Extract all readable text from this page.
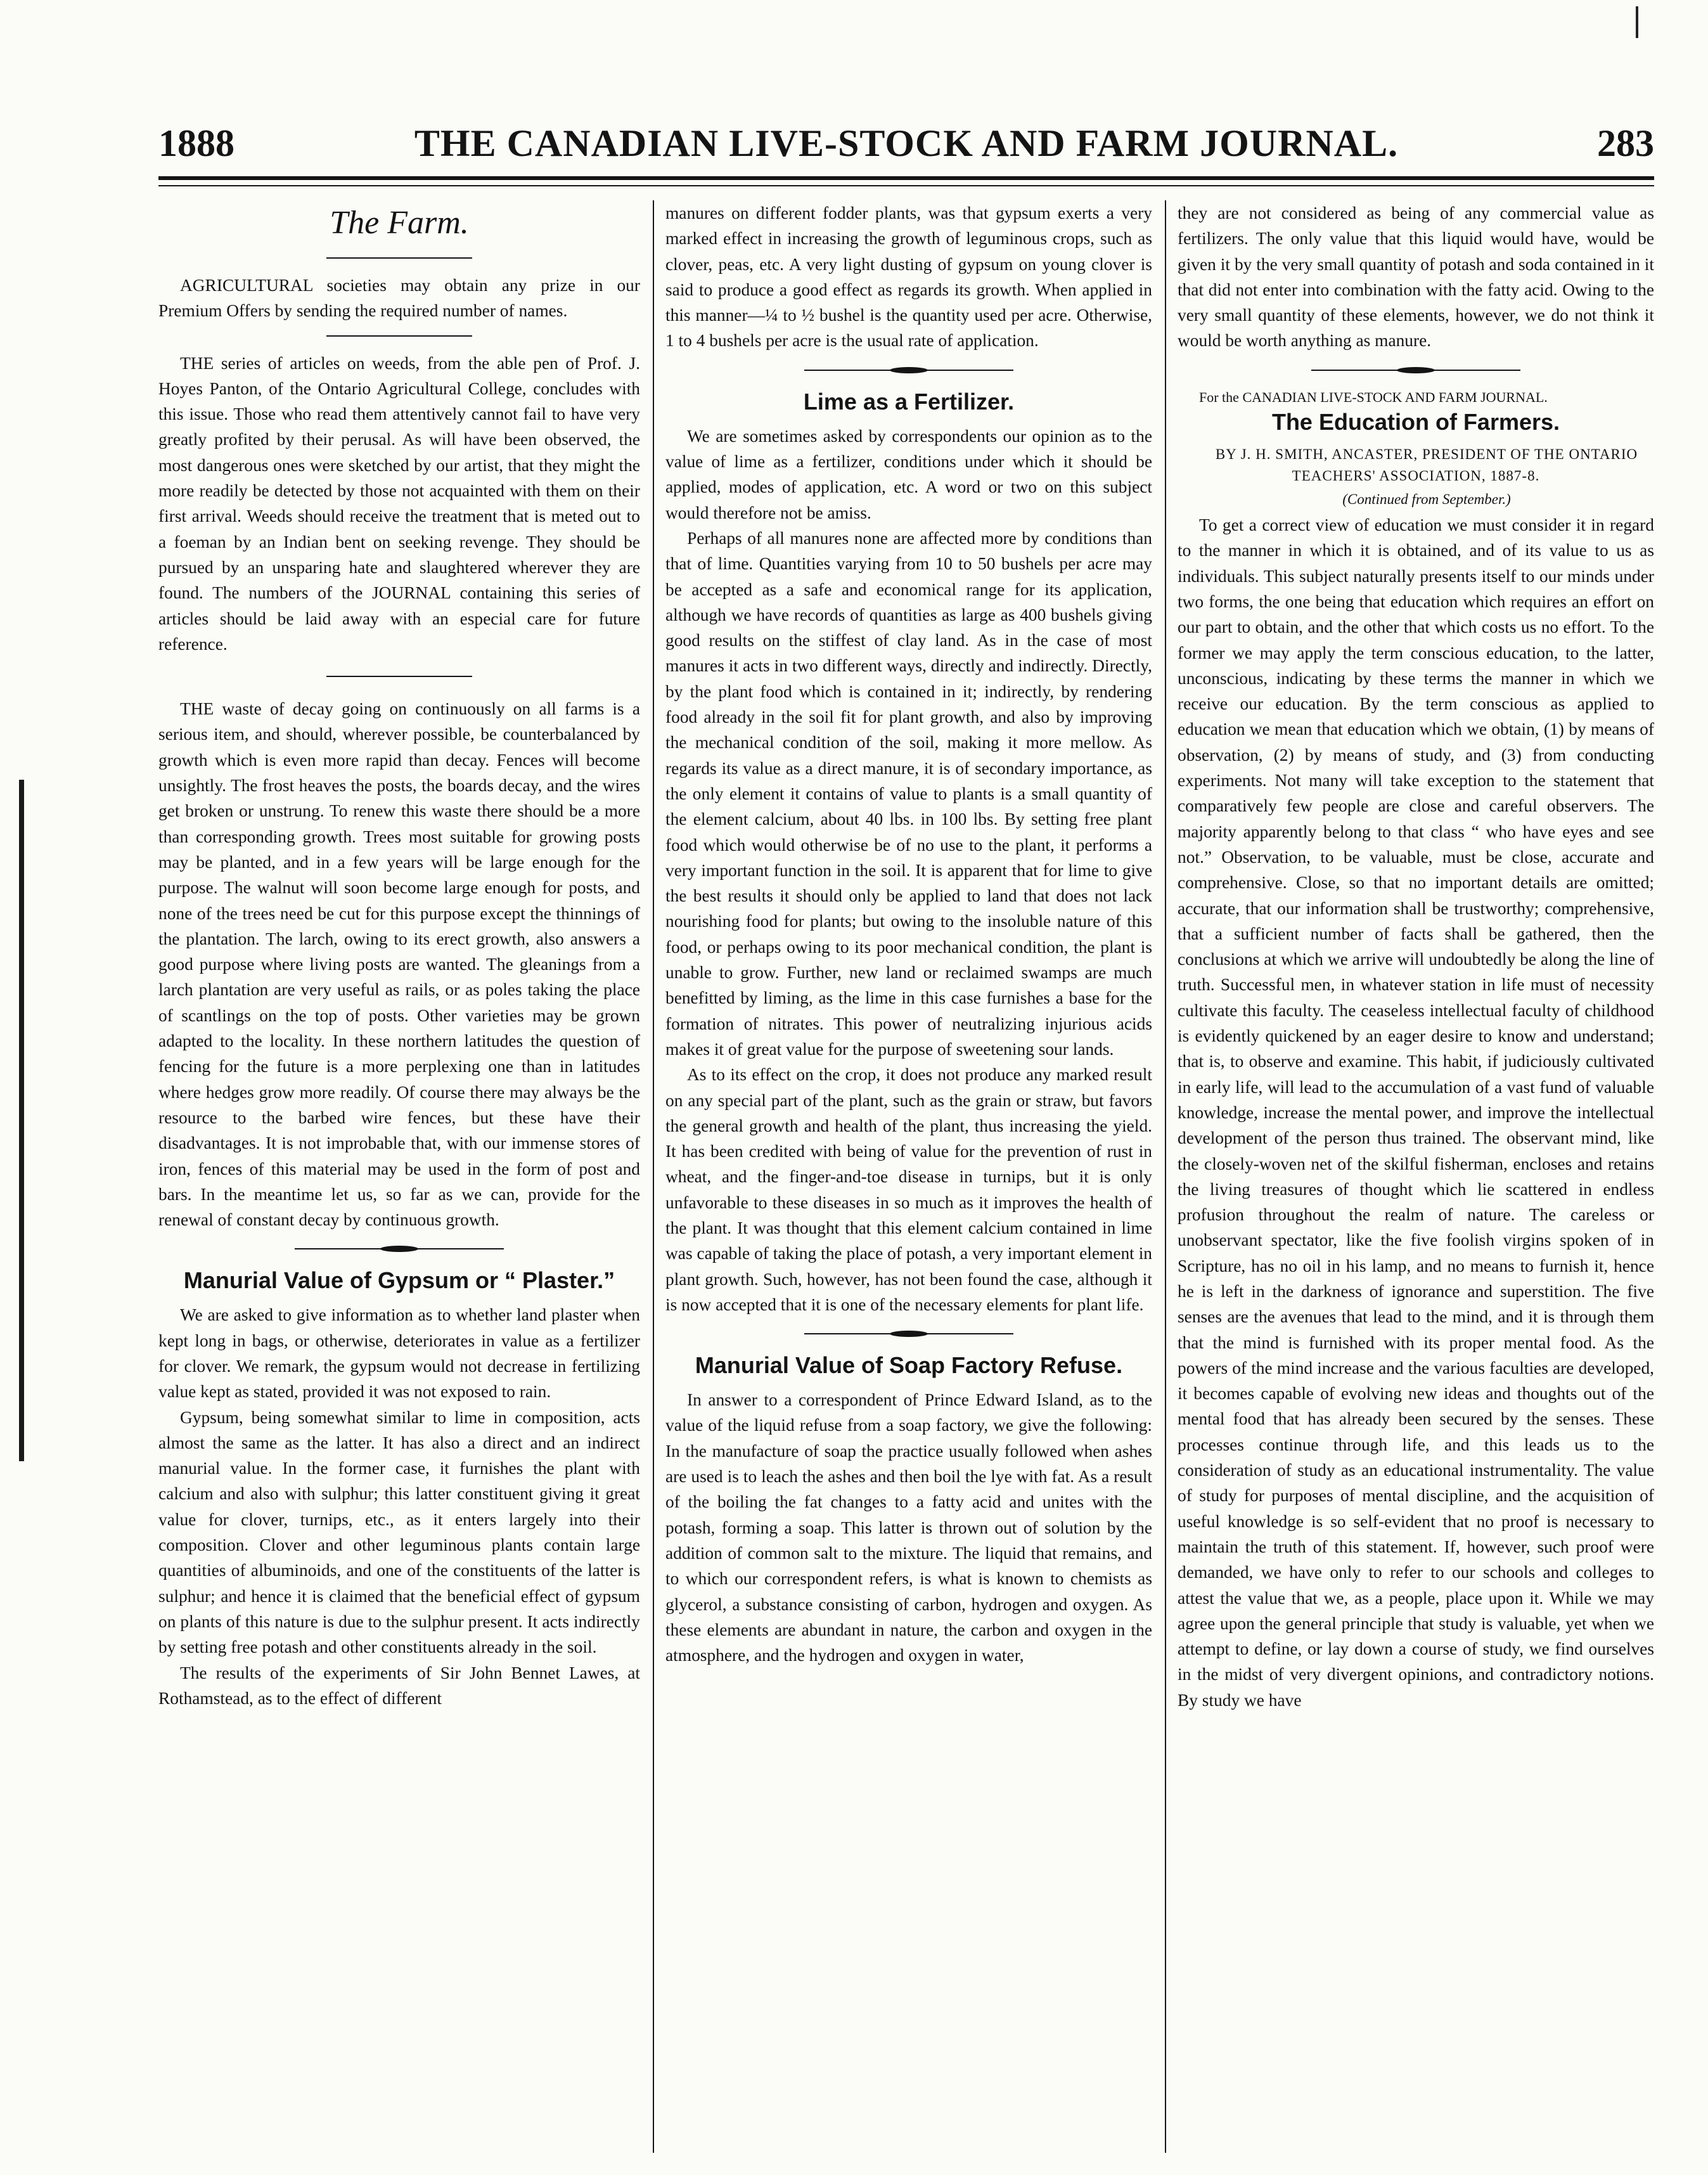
1888	THE CANADIAN LIVE-STOCK AND FARM JOURNAL.	283
The Farm.

AGRICULTURAL societies may obtain any prize in our Premium Offers by sending the required number of names.

THE series of articles on weeds, from the able pen of Prof. J. Hoyes Panton, of the Ontario Agricultural College, concludes with this issue. Those who read them attentively cannot fail to have very greatly profited by their perusal. As will have been observed, the most dangerous ones were sketched by our artist, that they might the more readily be detected by those not acquainted with them on their first arrival. Weeds should receive the treatment that is meted out to a foeman by an Indian bent on seeking revenge. They should be pursued by an unsparing hate and slaughtered wherever they are found. The numbers of the JOURNAL containing this series of articles should be laid away with an especial care for future reference.

THE waste of decay going on continuously on all farms is a serious item, and should, wherever possible, be counterbalanced by growth which is even more rapid than decay. Fences will become unsightly. The frost heaves the posts, the boards decay, and the wires get broken or unstrung. To renew this waste there should be a more than corresponding growth. Trees most suitable for growing posts may be planted, and in a few years will be large enough for the purpose. The walnut will soon become large enough for posts, and none of the trees need be cut for this purpose except the thinnings of the plantation. The larch, owing to its erect growth, also answers a good purpose where living posts are wanted. The gleanings from a larch plantation are very useful as rails, or as poles taking the place of scantlings on the top of posts. Other varieties may be grown adapted to the locality. In these northern latitudes the question of fencing for the future is a more perplexing one than in latitudes where hedges grow more readily. Of course there may always be the resource to the barbed wire fences, but these have their disadvantages. It is not improbable that, with our immense stores of iron, fences of this material may be used in the form of post and bars. In the meantime let us, so far as we can, provide for the renewal of constant decay by continuous growth.

Manurial Value of Gypsum or “ Plaster.”

We are asked to give information as to whether land plaster when kept long in bags, or otherwise, deteriorates in value as a fertilizer for clover. We remark, the gypsum would not decrease in fertilizing value kept as stated, provided it was not exposed to rain.

Gypsum, being somewhat similar to lime in composition, acts almost the same as the latter. It has also a direct and an indirect manurial value. In the former case, it furnishes the plant with calcium and also with sulphur; this latter constituent giving it great value for clover, turnips, etc., as it enters largely into their composition. Clover and other leguminous plants contain large quantities of albuminoids, and one of the constituents of the latter is sulphur; and hence it is claimed that the beneficial effect of gypsum on plants of this nature is due to the sulphur present. It acts indirectly by setting free potash and other constituents already in the soil.

The results of the experiments of Sir John Bennet Lawes, at Rothamstead, as to the effect of different

manures on different fodder plants, was that gypsum exerts a very marked effect in increasing the growth of leguminous crops, such as clover, peas, etc. A very light dusting of gypsum on young clover is said to produce a good effect as regards its growth. When applied in this manner—¼ to ½ bushel is the quantity used per acre. Otherwise, 1 to 4 bushels per acre is the usual rate of application.

Lime as a Fertilizer.

We are sometimes asked by correspondents our opinion as to the value of lime as a fertilizer, conditions under which it should be applied, modes of application, etc. A word or two on this subject would therefore not be amiss.

Perhaps of all manures none are affected more by conditions than that of lime. Quantities varying from 10 to 50 bushels per acre may be accepted as a safe and economical range for its application, although we have records of quantities as large as 400 bushels giving good results on the stiffest of clay land. As in the case of most manures it acts in two different ways, directly and indirectly. Directly, by the plant food which is contained in it; indirectly, by rendering food already in the soil fit for plant growth, and also by improving the mechanical condition of the soil, making it more mellow. As regards its value as a direct manure, it is of secondary importance, as the only element it contains of value to plants is a small quantity of the element calcium, about 40 lbs. in 100 lbs. By setting free plant food which would otherwise be of no use to the plant, it performs a very important function in the soil. It is apparent that for lime to give the best results it should only be applied to land that does not lack nourishing food for plants; but owing to the insoluble nature of this food, or perhaps owing to its poor mechanical condition, the plant is unable to grow. Further, new land or reclaimed swamps are much benefitted by liming, as the lime in this case furnishes a base for the formation of nitrates. This power of neutralizing injurious acids makes it of great value for the purpose of sweetening sour lands.

As to its effect on the crop, it does not produce any marked result on any special part of the plant, such as the grain or straw, but favors the general growth and health of the plant, thus increasing the yield. It has been credited with being of value for the prevention of rust in wheat, and the finger-and-toe disease in turnips, but it is only unfavorable to these diseases in so much as it improves the health of the plant. It was thought that this element calcium contained in lime was capable of taking the place of potash, a very important element in plant growth. Such, however, has not been found the case, although it is now accepted that it is one of the necessary elements for plant life.

Manurial Value of Soap Factory Refuse.

In answer to a correspondent of Prince Edward Island, as to the value of the liquid refuse from a soap factory, we give the following: In the manufacture of soap the practice usually followed when ashes are used is to leach the ashes and then boil the lye with fat. As a result of the boiling the fat changes to a fatty acid and unites with the potash, forming a soap. This latter is thrown out of solution by the addition of common salt to the mixture. The liquid that remains, and to which our correspondent refers, is what is known to chemists as glycerol, a substance consisting of carbon, hydrogen and oxygen. As these elements are abundant in nature, the carbon and oxygen in the atmosphere, and the hydrogen and oxygen in water,

they are not considered as being of any commercial value as fertilizers. The only value that this liquid would have, would be given it by the very small quantity of potash and soda contained in it that did not enter into combination with the fatty acid. Owing to the very small quantity of these elements, however, we do not think it would be worth anything as manure.

For the CANADIAN LIVE-STOCK AND FARM JOURNAL.

The Education of Farmers.

BY J. H. SMITH, ANCASTER, PRESIDENT OF THE ONTARIO TEACHERS' ASSOCIATION, 1887-8.

(Continued from September.)

To get a correct view of education we must consider it in regard to the manner in which it is obtained, and of its value to us as individuals. This subject naturally presents itself to our minds under two forms, the one being that education which requires an effort on our part to obtain, and the other that which costs us no effort. To the former we may apply the term conscious education, to the latter, unconscious, indicating by these terms the manner in which we receive our education. By the term conscious as applied to education we mean that education which we obtain, (1) by means of observation, (2) by means of study, and (3) from conducting experiments. Not many will take exception to the statement that comparatively few people are close and careful observers. The majority apparently belong to that class “ who have eyes and see not.” Observation, to be valuable, must be close, accurate and comprehensive. Close, so that no important details are omitted; accurate, that our information shall be trustworthy; comprehensive, that a sufficient number of facts shall be gathered, then the conclusions at which we arrive will undoubtedly be along the line of truth. Successful men, in whatever station in life must of necessity cultivate this faculty. The ceaseless intellectual faculty of childhood is evidently quickened by an eager desire to know and understand; that is, to observe and examine. This habit, if judiciously cultivated in early life, will lead to the accumulation of a vast fund of valuable knowledge, increase the mental power, and improve the intellectual development of the person thus trained. The observant mind, like the closely-woven net of the skilful fisherman, encloses and retains the living treasures of thought which lie scattered in endless profusion throughout the realm of nature. The careless or unobservant spectator, like the five foolish virgins spoken of in Scripture, has no oil in his lamp, and no means to furnish it, hence he is left in the darkness of ignorance and superstition. The five senses are the avenues that lead to the mind, and it is through them that the mind is furnished with its proper mental food. As the powers of the mind increase and the various faculties are developed, it becomes capable of evolving new ideas and thoughts out of the mental food that has already been secured by the senses. These processes continue through life, and this leads us to the consideration of study as an educational instrumentality. The value of study for purposes of mental discipline, and the acquisition of useful knowledge is so self-evident that no proof is necessary to maintain the truth of this statement. If, however, such proof were demanded, we have only to refer to our schools and colleges to attest the value that we, as a people, place upon it. While we may agree upon the general principle that study is valuable, yet when we attempt to define, or lay down a course of study, we find ourselves in the midst of very divergent opinions, and contradictory notions. By study we have
